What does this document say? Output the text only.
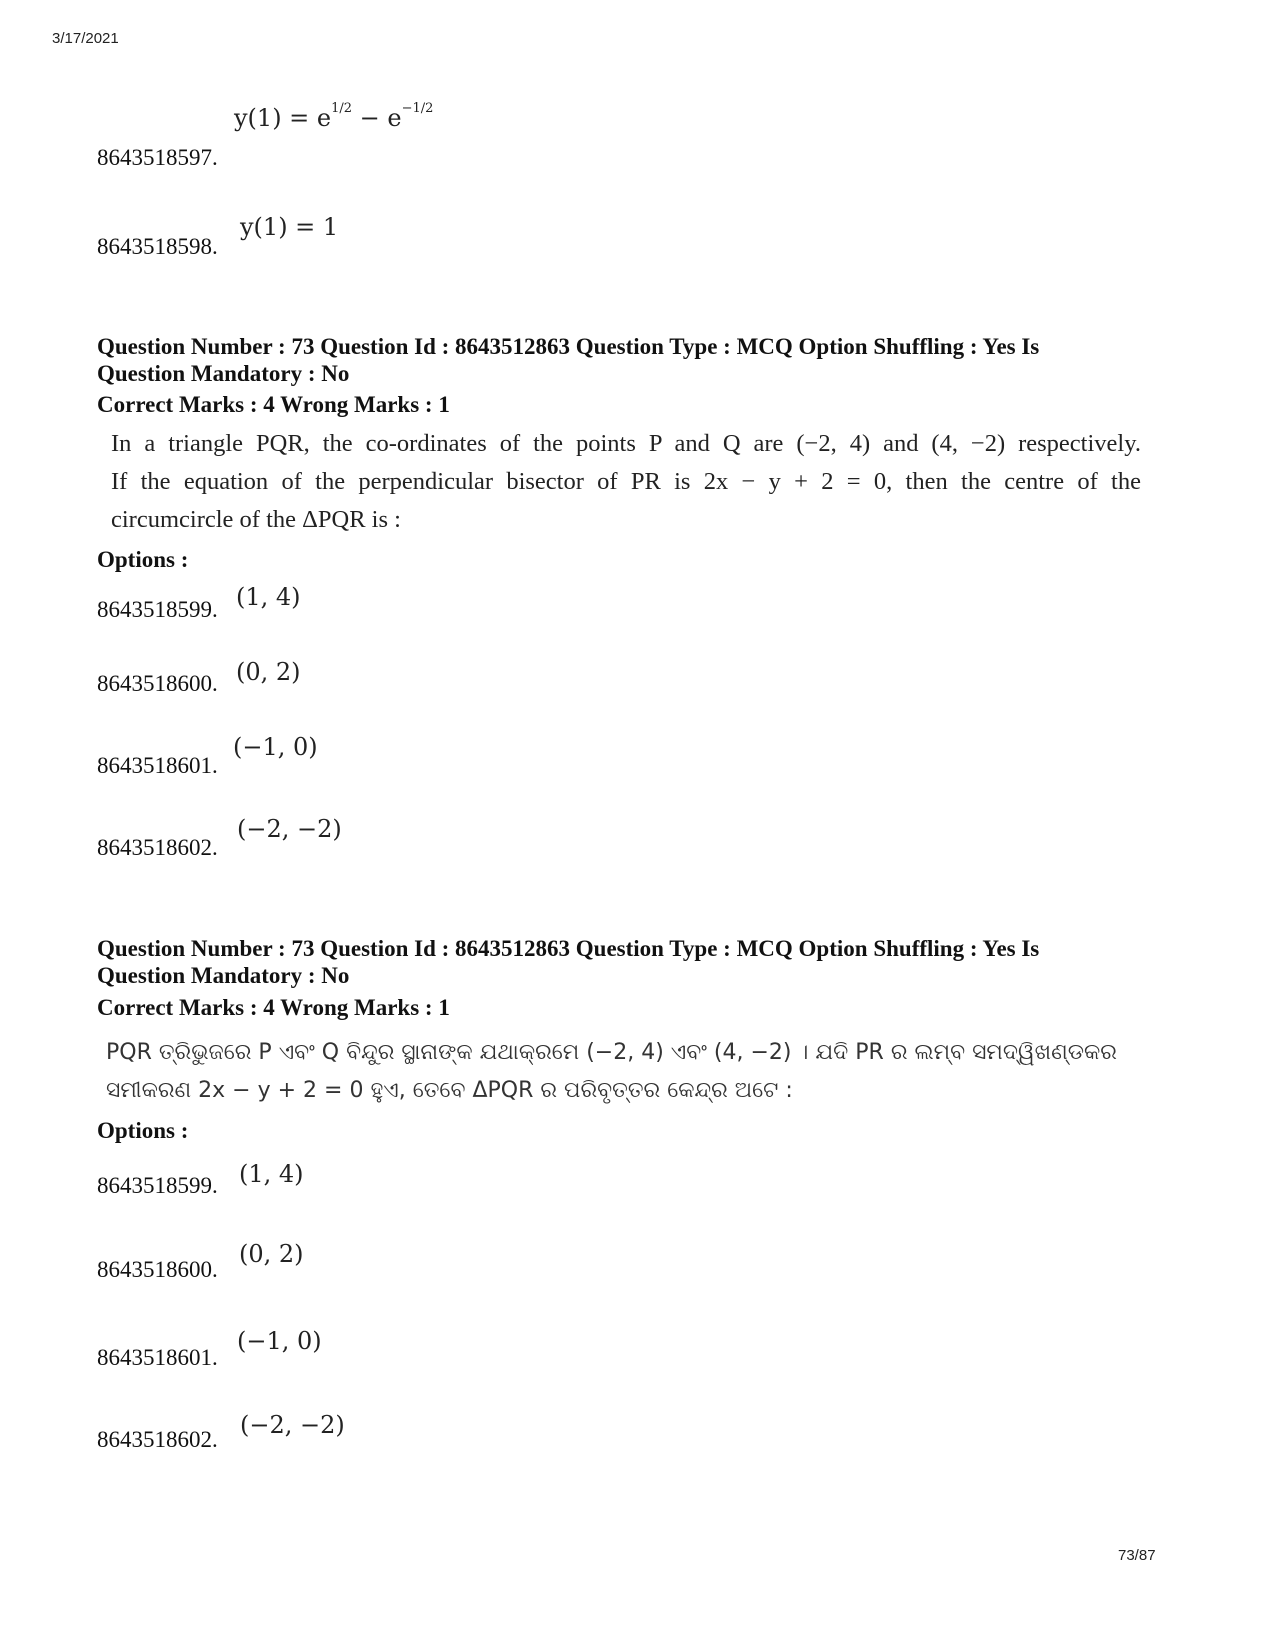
3/17/2021
73/87
8643518597.
y(1) = e 1/2 − e −1/2
8643518598.
y(1) = 1
Question Number : 73 Question Id : 8643512863 Question Type : MCQ Option Shuffling : Yes Is
Question Mandatory : No
Correct Marks : 4 Wrong Marks : 1
In a triangle PQR, the co-ordinates of the points P and Q are (−2, 4) and (4, −2) respectively.
If the equation of the perpendicular bisector of PR is 2x − y + 2 = 0, then the centre of the
circumcircle of the ΔPQR is :
Options :
8643518599. (1, 4)
8643518600. (0, 2)
8643518601.
(−1, 0)
8643518602.
(−2, −2)
Question Number : 73 Question Id : 8643512863 Question Type : MCQ Option Shuffling : Yes Is
Question Mandatory : No
Correct Marks : 4 Wrong Marks : 1
PQR ତ୍ରିଭୁଜରେ P ଏବଂ Q ବିନ୍ଦୁର ସ୍ଥାନାଙ୍କ ଯଥାକ୍ରମେ (−2, 4) ଏବଂ (4, −2) । ଯଦି PR ର ଲମ୍ବ ସମଦ୍ୱିଖଣ୍ଡକର
ସମୀକରଣ 2x − y + 2 = 0 ହୁଏ, ତେବେ ΔPQR ର ପରିବୃତ୍ତର କେନ୍ଦ୍ର ଅଟେ :
Options :
8643518599. (1, 4)
8643518600.
(0, 2)
8643518601.
(−1, 0)
8643518602.
(−2, −2)
